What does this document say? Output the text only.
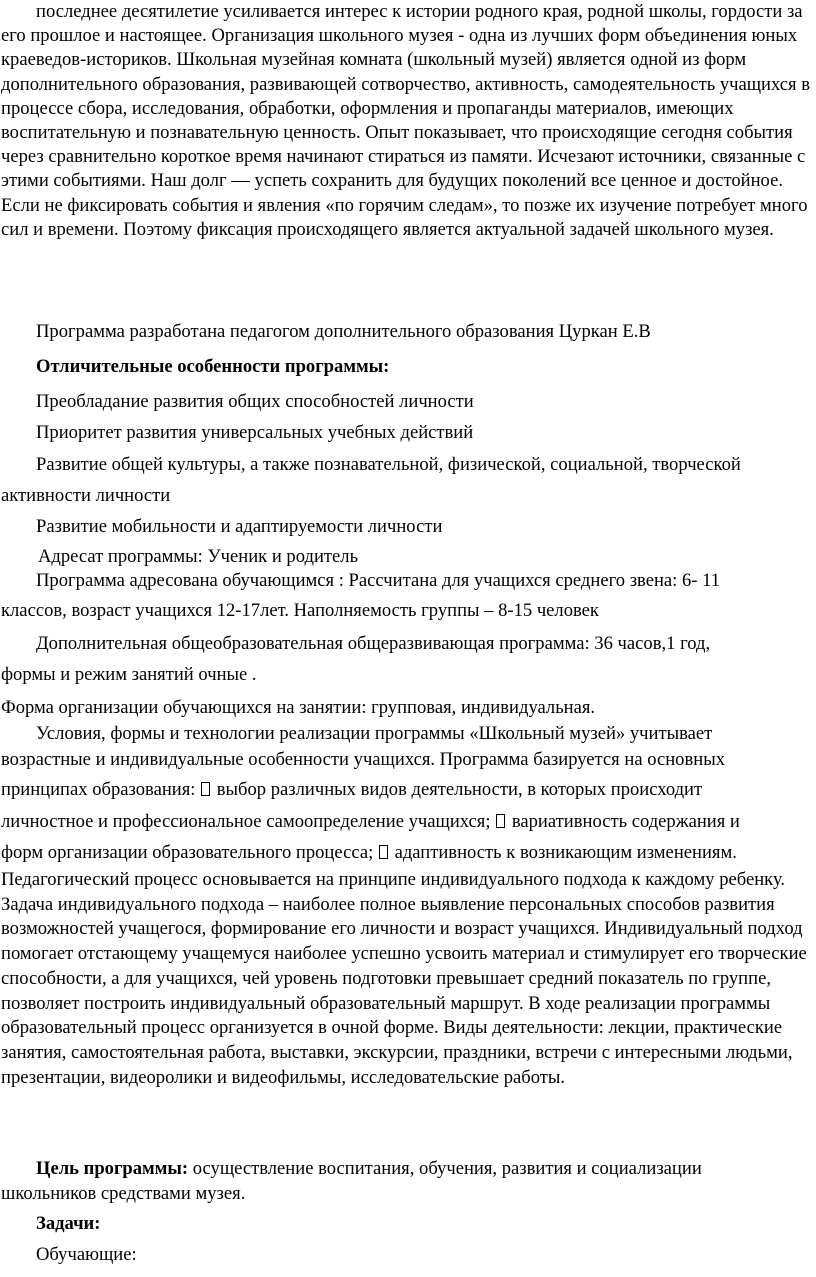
последнее десятилетие усиливается интерес к истории родного края, родной школы, гордости за его прошлое и настоящее. Организация школьного музея - одна из лучших форм объединения юных краеведов-историков. Школьная музейная комната (школьный музей) является одной из форм дополнительного образования, развивающей сотворчество, активность, самодеятельность учащихся в процессе сбора, исследования, обработки, оформления и пропаганды материалов, имеющих воспитательную и познавательную ценность. Опыт показывает, что происходящие сегодня события через сравнительно короткое время начинают стираться из памяти. Исчезают источники, связанные с этими событиями. Наш долг — успеть сохранить для будущих поколений все ценное и достойное. Если не фиксировать события и явления «по горячим следам», то позже их изучение потребует много сил и времени. Поэтому фиксация происходящего является актуальной задачей школьного музея.

Программа разработана педагогом дополнительного образования Цуркан Е.В
Отличительные особенности программы:
Преобладание развития общих способностей личности
Приоритет развития универсальных учебных действий
Развитие общей культуры, а также познавательной, физической, социальной, творческой
активности личности
Развитие мобильности и адаптируемости личности
Адресат программы: Ученик и родитель
Программа адресована обучающимся : Рассчитана для учащихся среднего звена: 6- 11
классов, возраст учащихся 12-17лет. Наполняемость группы – 8-15 человек
Дополнительная общеобразовательная общеразвивающая программа: 36 часов,1 год,
формы и режим занятий очные .
Форма организации обучающихся на занятии: групповая, индивидуальная.
Условия, формы и технологии реализации программы «Школьный музей» учитывает
возрастные и индивидуальные особенности учащихся. Программа базируется на основных
принципах образования: выбор различных видов деятельности, в которых происходит
личностное и профессиональное самоопределение учащихся; вариативность содержания и
форм организации образовательного процесса; адаптивность к возникающим изменениям.

Педагогический процесс основывается на принципе индивидуального подхода к каждому ребенку. Задача индивидуального подхода – наиболее полное выявление персональных способов развития возможностей учащегося, формирование его личности и возраст учащихся. Индивидуальный подход помогает отстающему учащемуся наиболее успешно усвоить материал и стимулирует его творческие способности, а для учащихся, чей уровень подготовки превышает средний показатель по группе, позволяет построить индивидуальный образовательный маршрут. В ходе реализации программы образовательный процесс организуется в очной форме. Виды деятельности: лекции, практические занятия, самостоятельная работа, выставки, экскурсии, праздники, встречи с интересными людьми, презентации, видеоролики и видеофильмы, исследовательские работы.

Цель программы: осуществление воспитания, обучения, развития и социализации
школьников средствами музея.
Задачи:
Обучающие:
